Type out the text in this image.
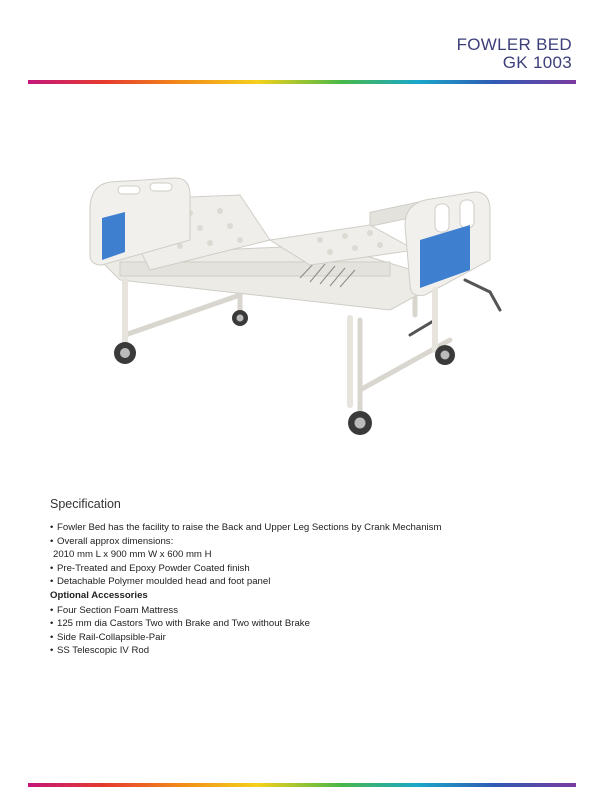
FOWLER BED
GK 1003
Specification
• Fowler Bed has the facility to raise the Back and Upper Leg Sections by Crank Mechanism
• Overall approx dimensions:
2010 mm L x 900 mm W x 600 mm H
• Pre-Treated and Epoxy Powder Coated finish
• Detachable Polymer moulded head and foot panel
Optional Accessories
• Four Section Foam Mattress
• 125 mm dia Castors Two with Brake and Two without Brake
• Side Rail-Collapsible-Pair
• SS Telescopic IV Rod
